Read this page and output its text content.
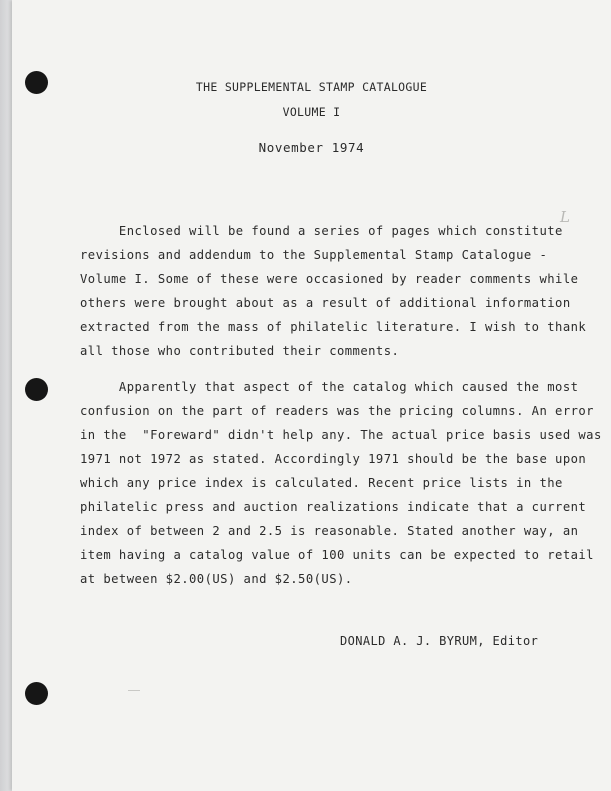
THE SUPPLEMENTAL STAMP CATALOGUE
VOLUME I
November 1974
L
Enclosed will be found a series of pages which constitute
revisions and addendum to the Supplemental Stamp Catalogue -
Volume I. Some of these were occasioned by reader comments while
others were brought about as a result of additional information
extracted from the mass of philatelic literature. I wish to thank
all those who contributed their comments.
Apparently that aspect of the catalog which caused the most
confusion on the part of readers was the pricing columns. An error
in the  "Foreward" didn't help any. The actual price basis used was
1971 not 1972 as stated. Accordingly 1971 should be the base upon
which any price index is calculated. Recent price lists in the
philatelic press and auction realizations indicate that a current
index of between 2 and 2.5 is reasonable. Stated another way, an
item having a catalog value of 100 units can be expected to retail
at between $2.00(US) and $2.50(US).
DONALD A. J. BYRUM, Editor
